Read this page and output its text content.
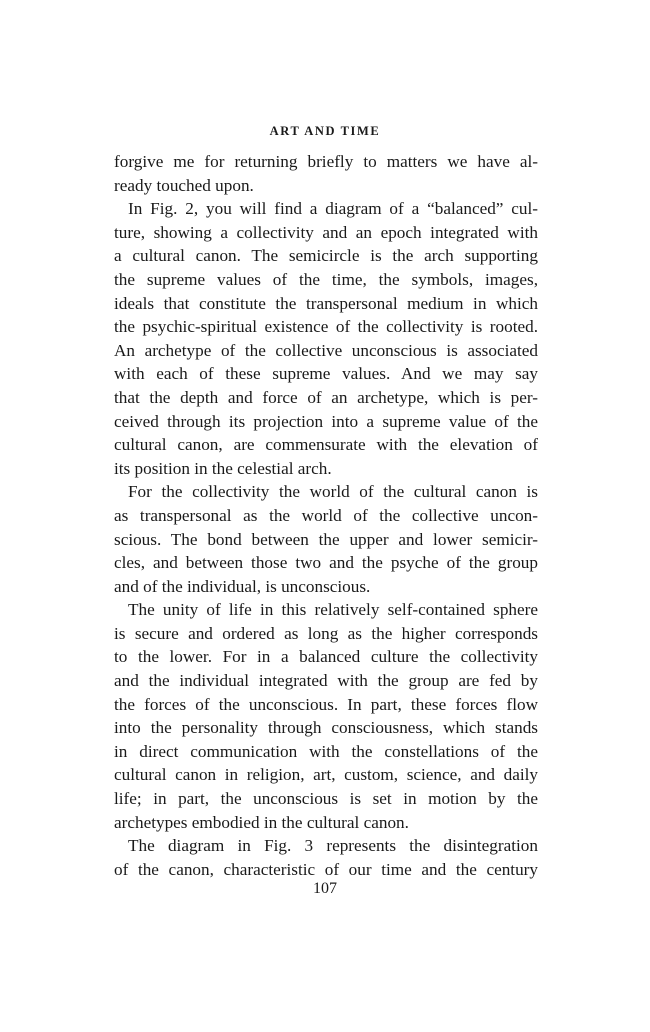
ART AND TIME
forgive me for returning briefly to matters we have al-
ready touched upon.
In Fig. 2, you will find a diagram of a “balanced” cul-
ture, showing a collectivity and an epoch integrated with
a cultural canon. The semicircle is the arch supporting
the supreme values of the time, the symbols, images,
ideals that constitute the transpersonal medium in which
the psychic-spiritual existence of the collectivity is rooted.
An archetype of the collective unconscious is associated
with each of these supreme values. And we may say
that the depth and force of an archetype, which is per-
ceived through its projection into a supreme value of the
cultural canon, are commensurate with the elevation of
its position in the celestial arch.
For the collectivity the world of the cultural canon is
as transpersonal as the world of the collective uncon-
scious. The bond between the upper and lower semicir-
cles, and between those two and the psyche of the group
and of the individual, is unconscious.
The unity of life in this relatively self-contained sphere
is secure and ordered as long as the higher corresponds
to the lower. For in a balanced culture the collectivity
and the individual integrated with the group are fed by
the forces of the unconscious. In part, these forces flow
into the personality through consciousness, which stands
in direct communication with the constellations of the
cultural canon in religion, art, custom, science, and daily
life; in part, the unconscious is set in motion by the
archetypes embodied in the cultural canon.
The diagram in Fig. 3 represents the disintegration
of the canon, characteristic of our time and the century
107
